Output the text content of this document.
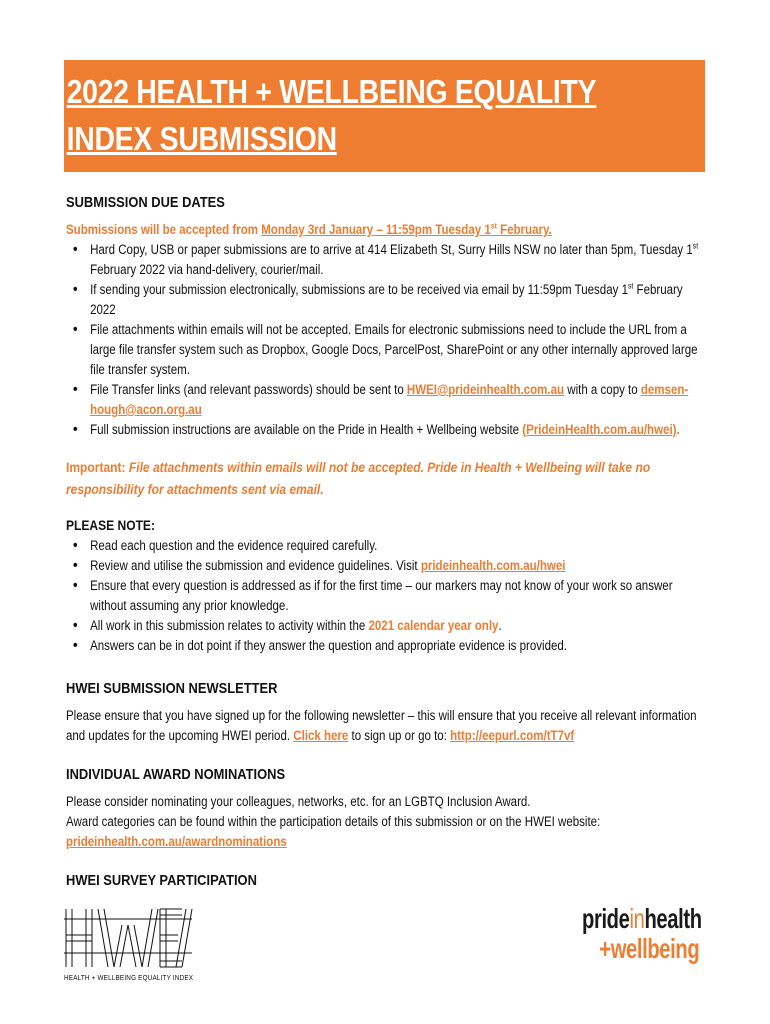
2022 HEALTH + WELLBEING EQUALITY
INDEX SUBMISSION
SUBMISSION DUE DATES

Submissions will be accepted from Monday 3rd January – 11:59pm Tuesday 1st February.

• Hard Copy, USB or paper submissions are to arrive at 414 Elizabeth St, Surry Hills NSW no later than 5pm, Tuesday 1st February 2022 via hand-delivery, courier/mail.
• If sending your submission electronically, submissions are to be received via email by 11:59pm Tuesday 1st February 2022
• File attachments within emails will not be accepted. Emails for electronic submissions need to include the URL from a large file transfer system such as Dropbox, Google Docs, ParcelPost, SharePoint or any other internally approved large file transfer system.
• File Transfer links (and relevant passwords) should be sent to HWEI@prideinhealth.com.au with a copy to demsen-hough@acon.org.au
• Full submission instructions are available on the Pride in Health + Wellbeing website (PrideinHealth.com.au/hwei).

Important: File attachments within emails will not be accepted. Pride in Health + Wellbeing will take no responsibility for attachments sent via email.

PLEASE NOTE:
• Read each question and the evidence required carefully.
• Review and utilise the submission and evidence guidelines. Visit prideinhealth.com.au/hwei
• Ensure that every question is addressed as if for the first time – our markers may not know of your work so answer without assuming any prior knowledge.
• All work in this submission relates to activity within the 2021 calendar year only.
• Answers can be in dot point if they answer the question and appropriate evidence is provided.
HWEI SUBMISSION NEWSLETTER

Please ensure that you have signed up for the following newsletter – this will ensure that you receive all relevant information and updates for the upcoming HWEI period. Click here to sign up or go to: http://eepurl.com/tT7vf

INDIVIDUAL AWARD NOMINATIONS

Please consider nominating your colleagues, networks, etc. for an LGBTQ Inclusion Award.

Award categories can be found within the participation details of this submission or on the HWEI website:

prideinhealth.com.au/awardnominations

HWEI SURVEY PARTICIPATION
HEALTH + WELLBEING EQUALITY INDEX
prideinhealth
+wellbeing
